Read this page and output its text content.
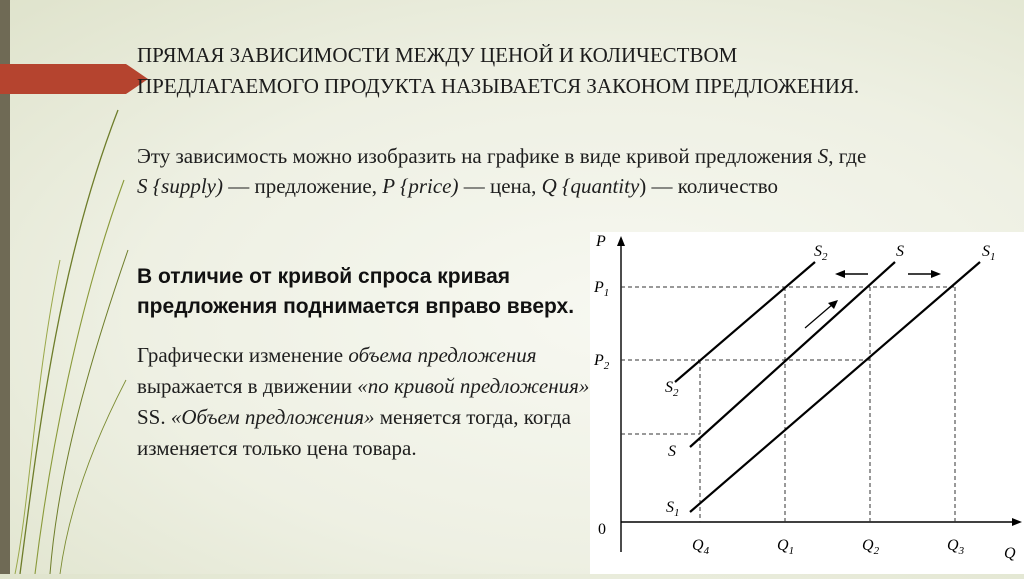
ПРЯМАЯ ЗАВИСИМОСТИ МЕЖДУ ЦЕНОЙ И КОЛИЧЕСТВОМ ПРЕДЛАГАЕМОГО ПРОДУКТА НАЗЫВАЕТСЯ ЗАКОНОМ ПРЕДЛОЖЕНИЯ.
Эту зависимость можно изобразить на графике в виде кривой предложения S, где S {supply) — предложение, P {price) — цена, Q {quantity) — количество
В отличие от кривой спроса кривая предложения поднимается вправо вверх.
Графически изменение объема предложения выражается в движении «по кривой предложения» SS. «Объем предложения» меняется тогда, когда изменяется только цена товара.
P
Q
0
$P_1$
$P_2$
$Q_4$	$Q_1$	$Q_2$	$Q_3$
$S_2$	S	$S_1$
$S_2$
S
$S_1$
